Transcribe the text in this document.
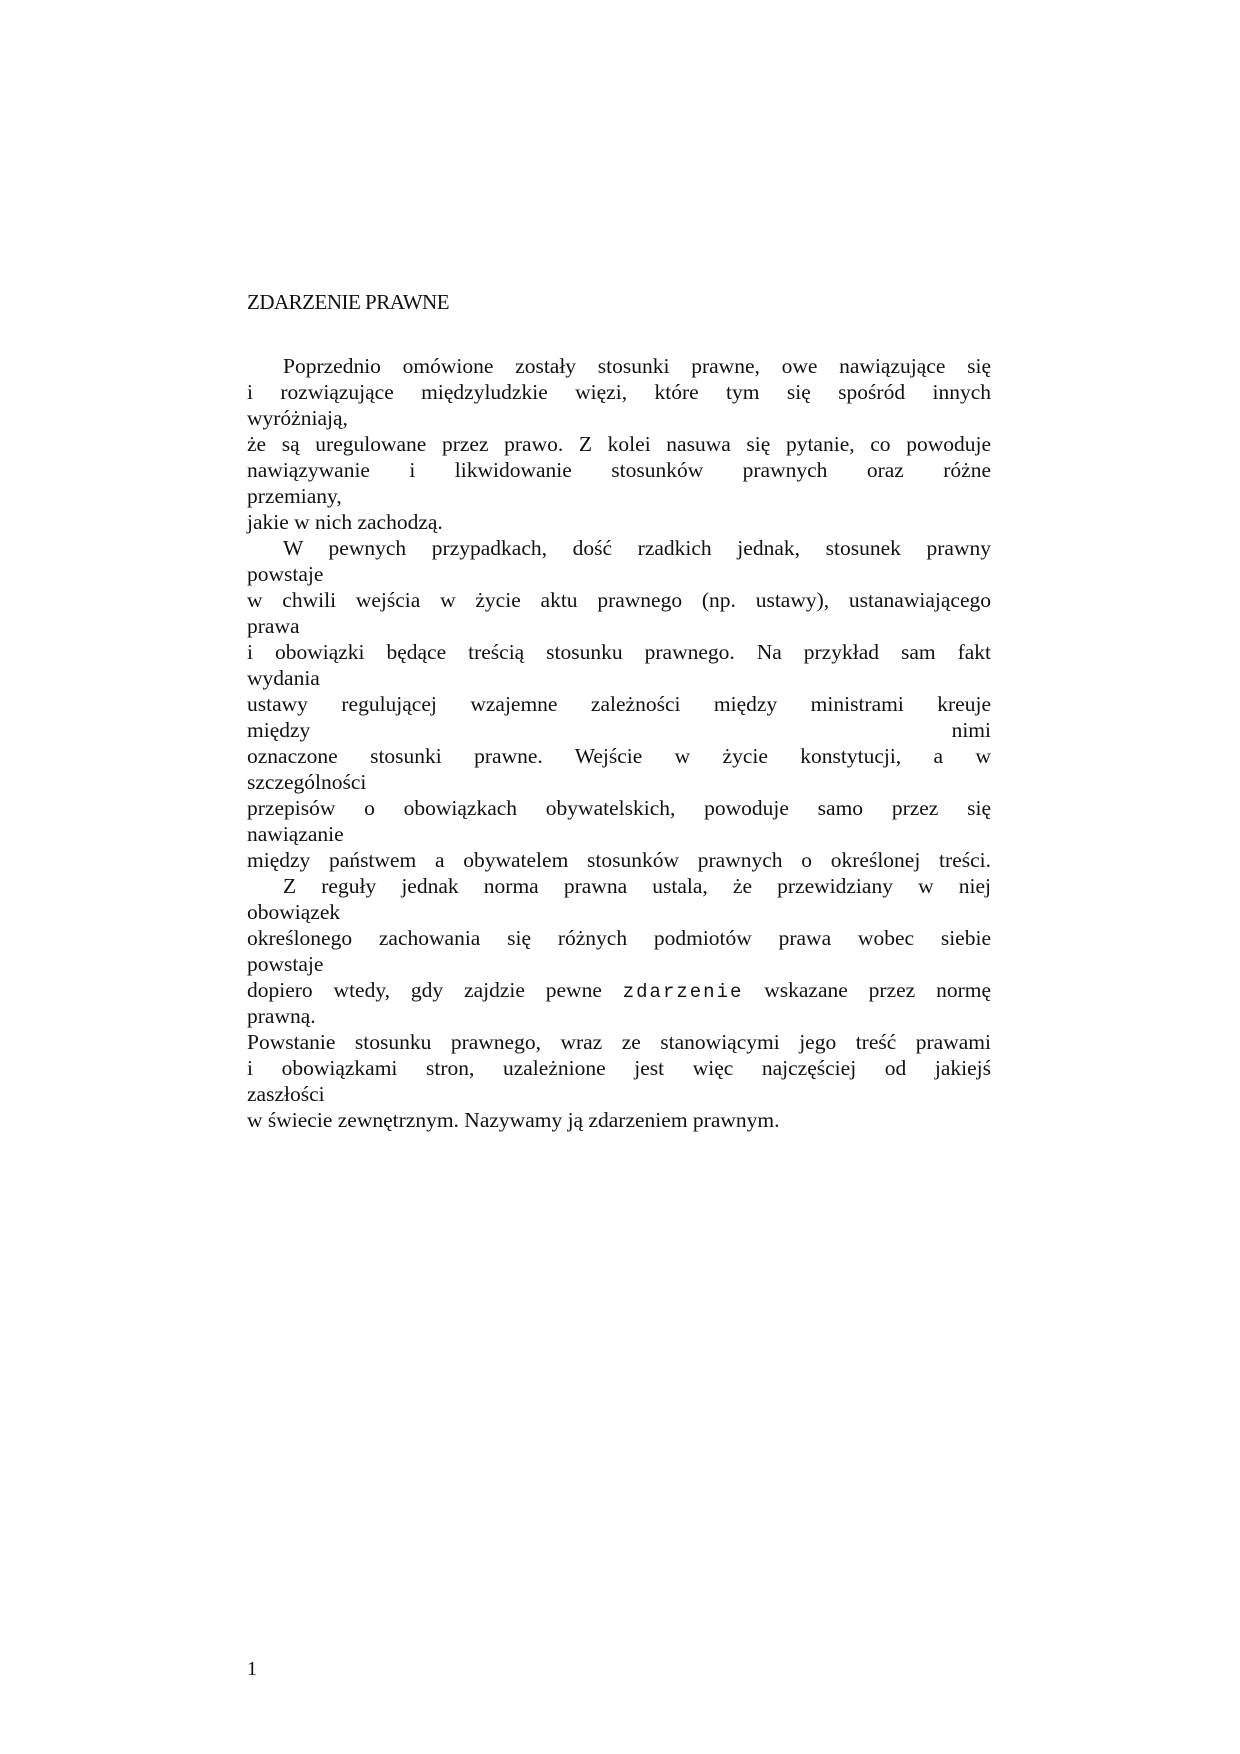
ZDARZENIE PRAWNE
Poprzednio omówione zostały stosunki prawne, owe nawiązujące się
i rozwiązujące międzyludzkie więzi, które tym się spośród innych
wyróżniają,
że są uregulowane przez prawo. Z kolei nasuwa się pytanie, co powoduje
nawiązywanie i likwidowanie stosunków prawnych oraz różne
przemiany,
jakie w nich zachodzą.
W pewnych przypadkach, dość rzadkich jednak, stosunek prawny
powstaje
w chwili wejścia w życie aktu prawnego (np. ustawy), ustanawiającego
prawa
i obowiązki będące treścią stosunku prawnego. Na przykład sam fakt
wydania
ustawy regulującej wzajemne zależności między ministrami kreuje
między nimi
oznaczone stosunki prawne. Wejście w życie konstytucji, a w
szczególności
przepisów o obowiązkach obywatelskich, powoduje samo przez się
nawiązanie
między państwem a obywatelem stosunków prawnych o określonej treści.
Z reguły jednak norma prawna ustala, że przewidziany w niej
obowiązek
określonego zachowania się różnych podmiotów prawa wobec siebie
powstaje
dopiero wtedy, gdy zajdzie pewne zdarzenie wskazane przez normę
prawną.
Powstanie stosunku prawnego, wraz ze stanowiącymi jego treść prawami
i obowiązkami stron, uzależnione jest więc najczęściej od jakiejś
zaszłości
w świecie zewnętrznym. Nazywamy ją zdarzeniem prawnym.
1
